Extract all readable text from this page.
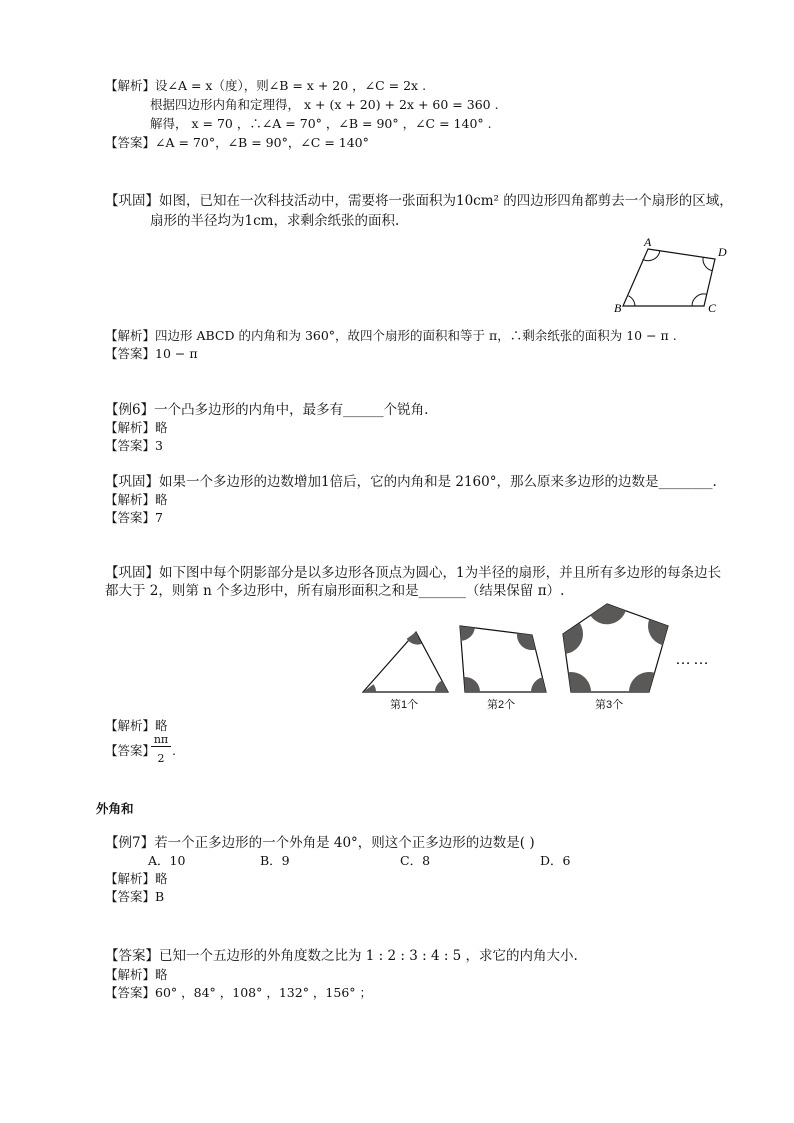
【解析】设∠A = x（度），则∠B = x + 20 ，∠C = 2x .
根据四边形内角和定理得， x + (x + 20) + 2x + 60 = 360 .
解得， x = 70 ，∴∠A = 70° ，∠B = 90° ，∠C = 140° .
【答案】∠A = 70°，∠B = 90°，∠C = 140°
【巩固】如图，已知在一次科技活动中，需要将一张面积为10cm² 的四边形四角都剪去一个扇形的区域，
扇形的半径均为1cm，求剩余纸张的面积.
A
D
B	C
【解析】四边形 ABCD 的内角和为 360°，故四个扇形的面积和等于 π，∴剩余纸张的面积为 10 − π .
【答案】10 − π
【例6】一个凸多边形的内角中，最多有______个锐角.
【解析】略
【答案】3
【巩固】如果一个多边形的边数增加1倍后，它的内角和是 2160°，那么原来多边形的边数是________.
【解析】略
【答案】7
【巩固】如下图中每个阴影部分是以多边形各顶点为圆心，1为半径的扇形，并且所有多边形的每条边长
都大于 2，则第 n 个多边形中，所有扇形面积之和是_______（结果保留 π）.
……
第1个	第2个	第3个
【解析】略
【答案】
nπ
2
.
外角和
【例7】若一个正多边形的一个外角是 40°，则这个正多边形的边数是( )
A．10	B．9	C．8	D．6
【解析】略
【答案】B
【答案】已知一个五边形的外角度数之比为 1 : 2 : 3 : 4 : 5 ，求它的内角大小.
【解析】略
【答案】60° ，84° ，108° ，132° ，156° ；
